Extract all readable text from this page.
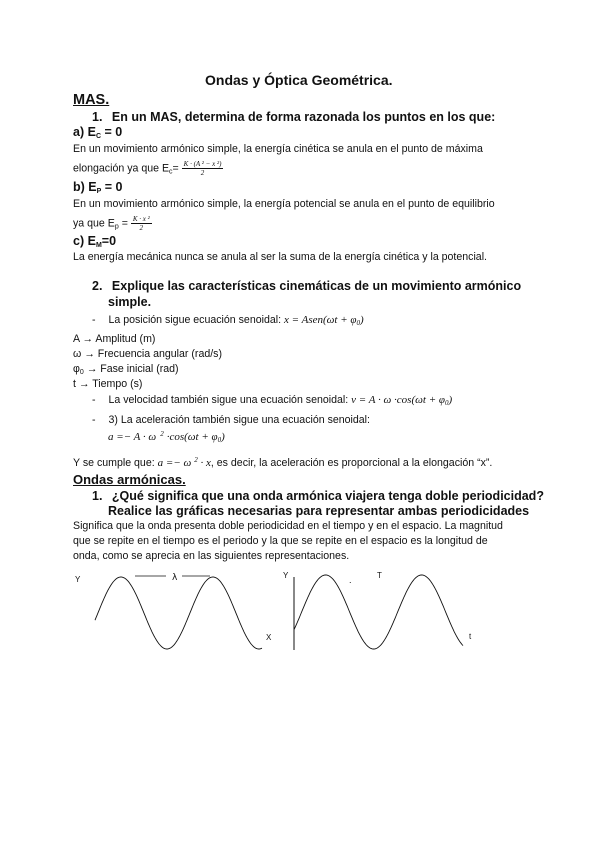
Ondas y Óptica Geométrica.
MAS.
1. En un MAS, determina de forma razonada los puntos en los que:
a) $E_C = 0$
En un movimiento armónico simple, la energía cinética se anula en el punto de máxima
elongación ya que $E_c= \frac{\text{K · (A ² − x ²)}}{2}$
b) $E_P = 0$
En un movimiento armónico simple, la energía potencial se anula en el punto de equilibrio
ya que $E_p = \frac{\text{K · x ²}}{2}$
c) $E_M=0$
La energía mecánica nunca se anula al ser la suma de la energía cinética y la potencial.
2. Explique las características cinemáticas de un movimiento armónico
simple.
- La posición sigue ecuación senoidal: x = Asen(ωt + $\varphi_0$)
A → Amplitud (m)
ω → Frecuencia angular (rad/s)
$\varphi_0$ → Fase inicial (rad)
t → Tiempo (s)
- La velocidad también sigue una ecuación senoidal: $v = A \cdot \omega \cdot\cos(\omega t + \varphi_0)$
- 3) La aceleración también sigue una ecuación senoidal:
a =− A · ω $^2 \cdot\cos(\omega t + \varphi_0)$
Y se cumple que: a =− ω $^2$ · x, es decir, la aceleración es proporcional a la elongación “x”.
Ondas armónicas.
1. ¿Qué significa que una onda armónica viajera tenga doble periodicidad?
Realice las gráficas necesarias para representar ambas periodicidades
Significa que la onda presenta doble periodicidad en el tiempo y en el espacio. La magnitud
que se repite en el tiempo es el periodo y la que se repite en el espacio es la longitud de
onda, como se aprecia en las siguientes representaciones.
Y	λ
X
Y	T
.
t
